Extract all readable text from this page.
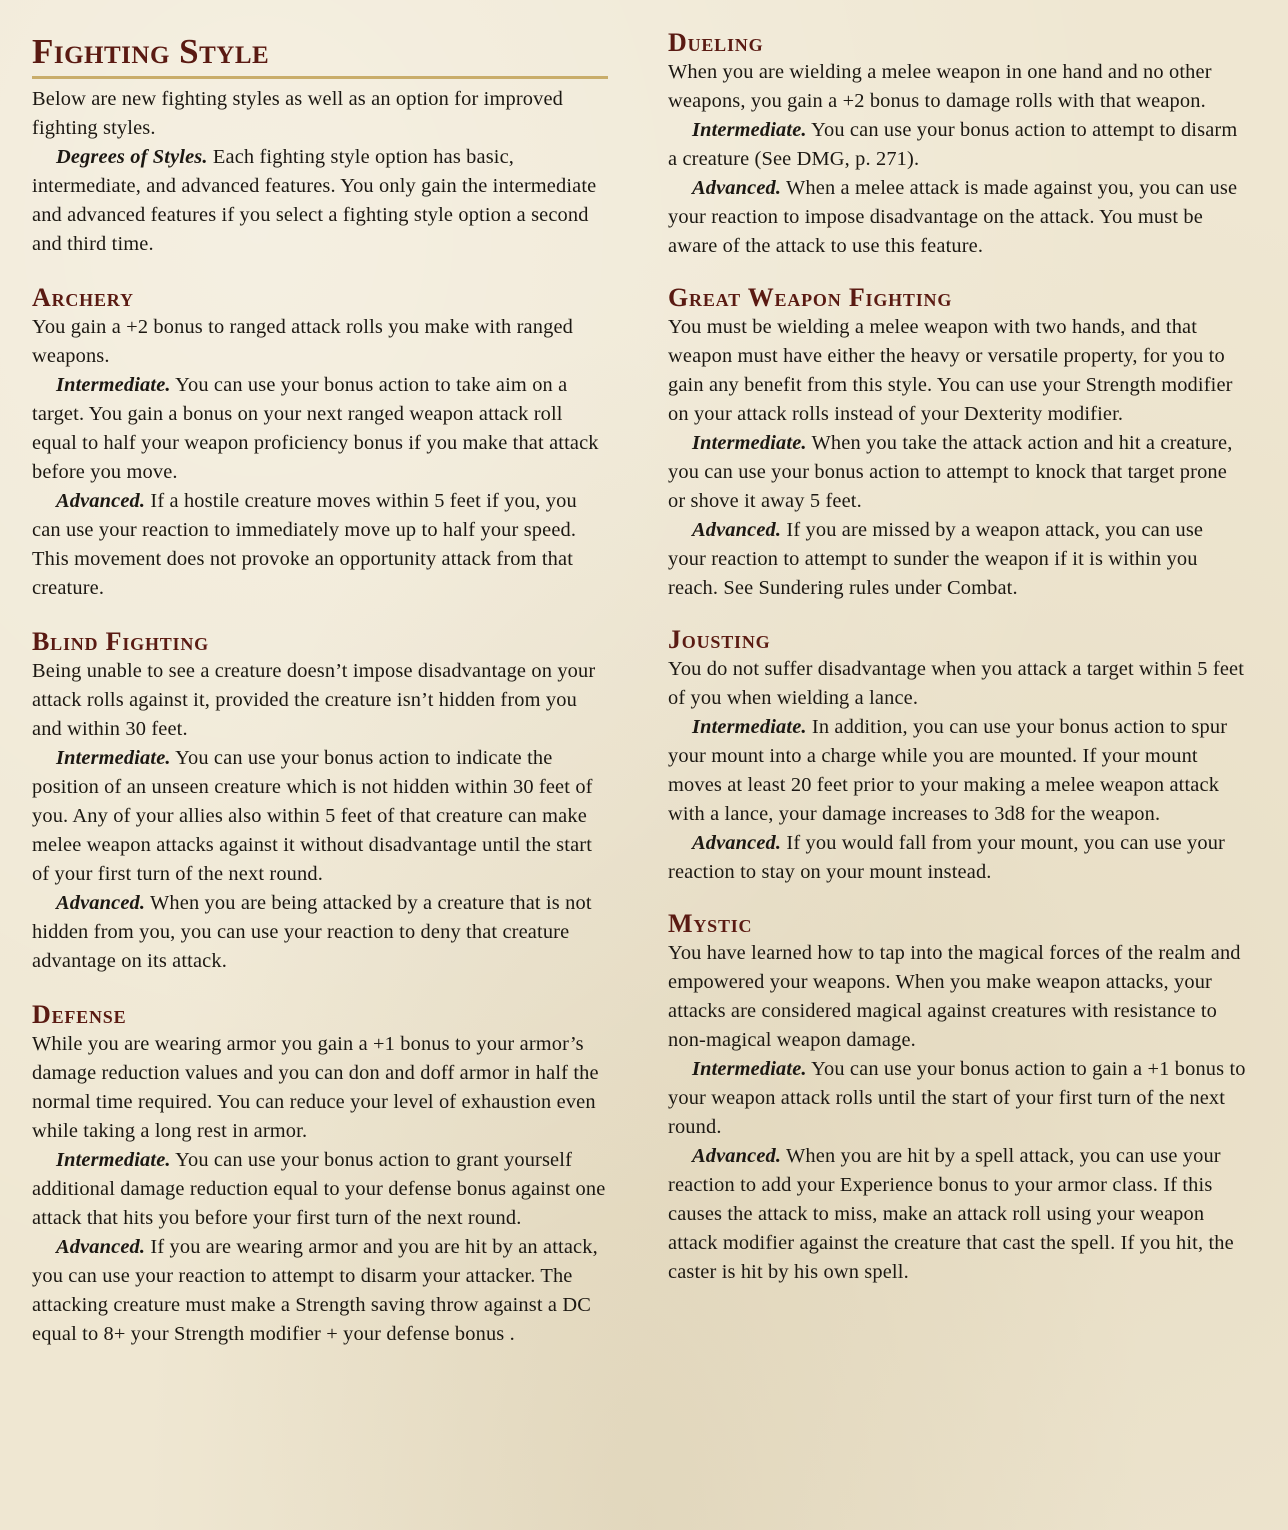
Fighting Style

Below are new fighting styles as well as an option for improved fighting styles.

Degrees of Styles. Each fighting style option has basic, intermediate, and advanced features. You only gain the intermediate and advanced features if you select a fighting style option a second and third time.

Archery

You gain a +2 bonus to ranged attack rolls you make with ranged weapons.

Intermediate. You can use your bonus action to take aim on a target. You gain a bonus on your next ranged weapon attack roll equal to half your weapon proficiency bonus if you make that attack before you move.

Advanced. If a hostile creature moves within 5 feet if you, you can use your reaction to immediately move up to half your speed. This movement does not provoke an opportunity attack from that creature.

Blind Fighting

Being unable to see a creature doesn’t impose disadvantage on your attack rolls against it, provided the creature isn’t hidden from you and within 30 feet.

Intermediate. You can use your bonus action to indicate the position of an unseen creature which is not hidden within 30 feet of you. Any of your allies also within 5 feet of that creature can make melee weapon attacks against it without disadvantage until the start of your first turn of the next round.

Advanced. When you are being attacked by a creature that is not hidden from you, you can use your reaction to deny that creature advantage on its attack.

Defense

While you are wearing armor you gain a +1 bonus to your armor’s damage reduction values and you can don and doff armor in half the normal time required. You can reduce your level of exhaustion even while taking a long rest in armor.

Intermediate. You can use your bonus action to grant yourself additional damage reduction equal to your defense bonus against one attack that hits you before your first turn of the next round.

Advanced. If you are wearing armor and you are hit by an attack, you can use your reaction to attempt to disarm your attacker. The attacking creature must make a Strength saving throw against a DC equal to 8+ your Strength modifier + your defense bonus .

Dueling

When you are wielding a melee weapon in one hand and no other weapons, you gain a +2 bonus to damage rolls with that weapon.

Intermediate. You can use your bonus action to attempt to disarm a creature (See DMG, p. 271).

Advanced. When a melee attack is made against you, you can use your reaction to impose disadvantage on the attack. You must be aware of the attack to use this feature.

Great Weapon Fighting

You must be wielding a melee weapon with two hands, and that weapon must have either the heavy or versatile property, for you to gain any benefit from this style. You can use your Strength modifier on your attack rolls instead of your Dexterity modifier.

Intermediate. When you take the attack action and hit a creature, you can use your bonus action to attempt to knock that target prone or shove it away 5 feet.

Advanced. If you are missed by a weapon attack, you can use your reaction to attempt to sunder the weapon if it is within you reach. See Sundering rules under Combat.

Jousting

You do not suffer disadvantage when you attack a target within 5 feet of you when wielding a lance.

Intermediate. In addition, you can use your bonus action to spur your mount into a charge while you are mounted. If your mount moves at least 20 feet prior to your making a melee weapon attack with a lance, your damage increases to 3d8 for the weapon.

Advanced. If you would fall from your mount, you can use your reaction to stay on your mount instead.

Mystic

You have learned how to tap into the magical forces of the realm and empowered your weapons. When you make weapon attacks, your attacks are considered magical against creatures with resistance to non-magical weapon damage.

Intermediate. You can use your bonus action to gain a +1 bonus to your weapon attack rolls until the start of your first turn of the next round.

Advanced. When you are hit by a spell attack, you can use your reaction to add your Experience bonus to your armor class. If this causes the attack to miss, make an attack roll using your weapon attack modifier against the creature that cast the spell. If you hit, the caster is hit by his own spell.
